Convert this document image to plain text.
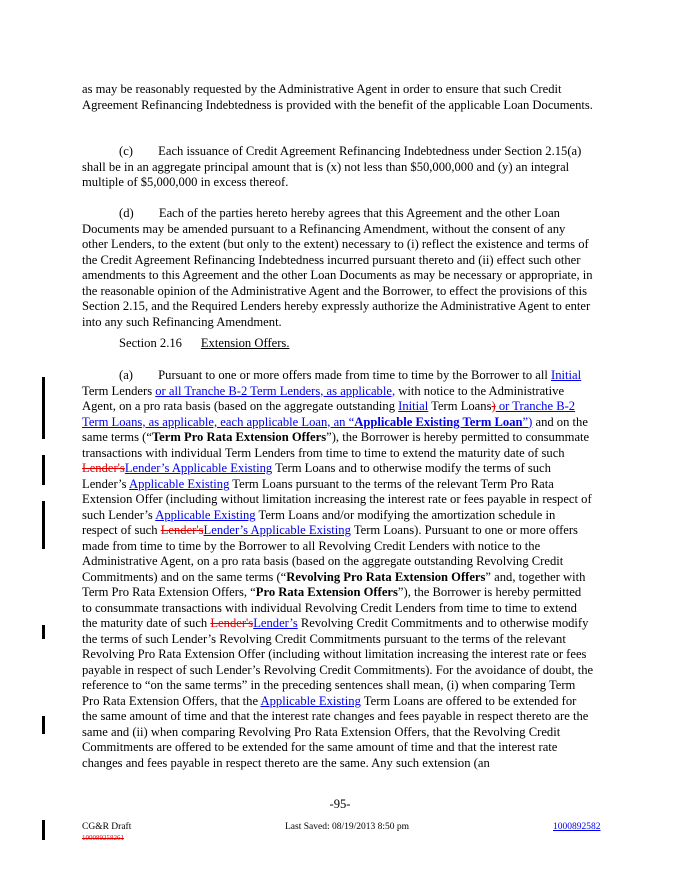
as may be reasonably requested by the Administrative Agent in order to ensure that such Credit Agreement Refinancing Indebtedness is provided with the benefit of the applicable Loan Documents.
(c)  Each issuance of Credit Agreement Refinancing Indebtedness under Section 2.15(a) shall be in an aggregate principal amount that is (x) not less than $50,000,000 and (y) an integral multiple of $5,000,000 in excess thereof.
(d)  Each of the parties hereto hereby agrees that this Agreement and the other Loan Documents may be amended pursuant to a Refinancing Amendment, without the consent of any other Lenders, to the extent (but only to the extent) necessary to (i) reflect the existence and terms of the Credit Agreement Refinancing Indebtedness incurred pursuant thereto and (ii) effect such other amendments to this Agreement and the other Loan Documents as may be necessary or appropriate, in the reasonable opinion of the Administrative Agent and the Borrower, to effect the provisions of this Section 2.15, and the Required Lenders hereby expressly authorize the Administrative Agent to enter into any such Refinancing Amendment.
Section 2.16   Extension Offers.
(a)  Pursuant to one or more offers made from time to time by the Borrower to all Initial Term Lenders or all Tranche B-2 Term Lenders, as applicable, with notice to the Administrative Agent, on a pro rata basis (based on the aggregate outstanding Initial Term Loans) or Tranche B-2 Term Loans, as applicable, each applicable Loan, an “Applicable Existing Term Loan”) and on the same terms (“Term Pro Rata Extension Offers”), the Borrower is hereby permitted to consummate transactions with individual Term Lenders from time to time to extend the maturity date of such Lender'sLender’s Applicable Existing Term Loans and to otherwise modify the terms of such Lender’s Applicable Existing Term Loans pursuant to the terms of the relevant Term Pro Rata Extension Offer (including without limitation increasing the interest rate or fees payable in respect of such Lender’s Applicable Existing Term Loans and/or modifying the amortization schedule in respect of such Lender'sLender’s Applicable Existing Term Loans). Pursuant to one or more offers made from time to time by the Borrower to all Revolving Credit Lenders with notice to the Administrative Agent, on a pro rata basis (based on the aggregate outstanding Revolving Credit Commitments) and on the same terms (“Revolving Pro Rata Extension Offers” and, together with Term Pro Rata Extension Offers, “Pro Rata Extension Offers”), the Borrower is hereby permitted to consummate transactions with individual Revolving Credit Lenders from time to time to extend the maturity date of such Lender'sLender’s Revolving Credit Commitments and to otherwise modify the terms of such Lender’s Revolving Credit Commitments pursuant to the terms of the relevant Revolving Pro Rata Extension Offer (including without limitation increasing the interest rate or fees payable in respect of such Lender’s Revolving Credit Commitments). For the avoidance of doubt, the reference to “on the same terms” in the preceding sentences shall mean, (i) when comparing Term Pro Rata Extension Offers, that the Applicable Existing Term Loans are offered to be extended for the same amount of time and that the interest rate changes and fees payable in respect thereto are the same and (ii) when comparing Revolving Pro Rata Extension Offers, that the Revolving Credit Commitments are offered to be extended for the same amount of time and that the interest rate changes and fees payable in respect thereto are the same. Any such extension (an
-95-
CG&R Draft
100089258261
Last Saved: 08/19/2013 8:50 pm	1000892582
